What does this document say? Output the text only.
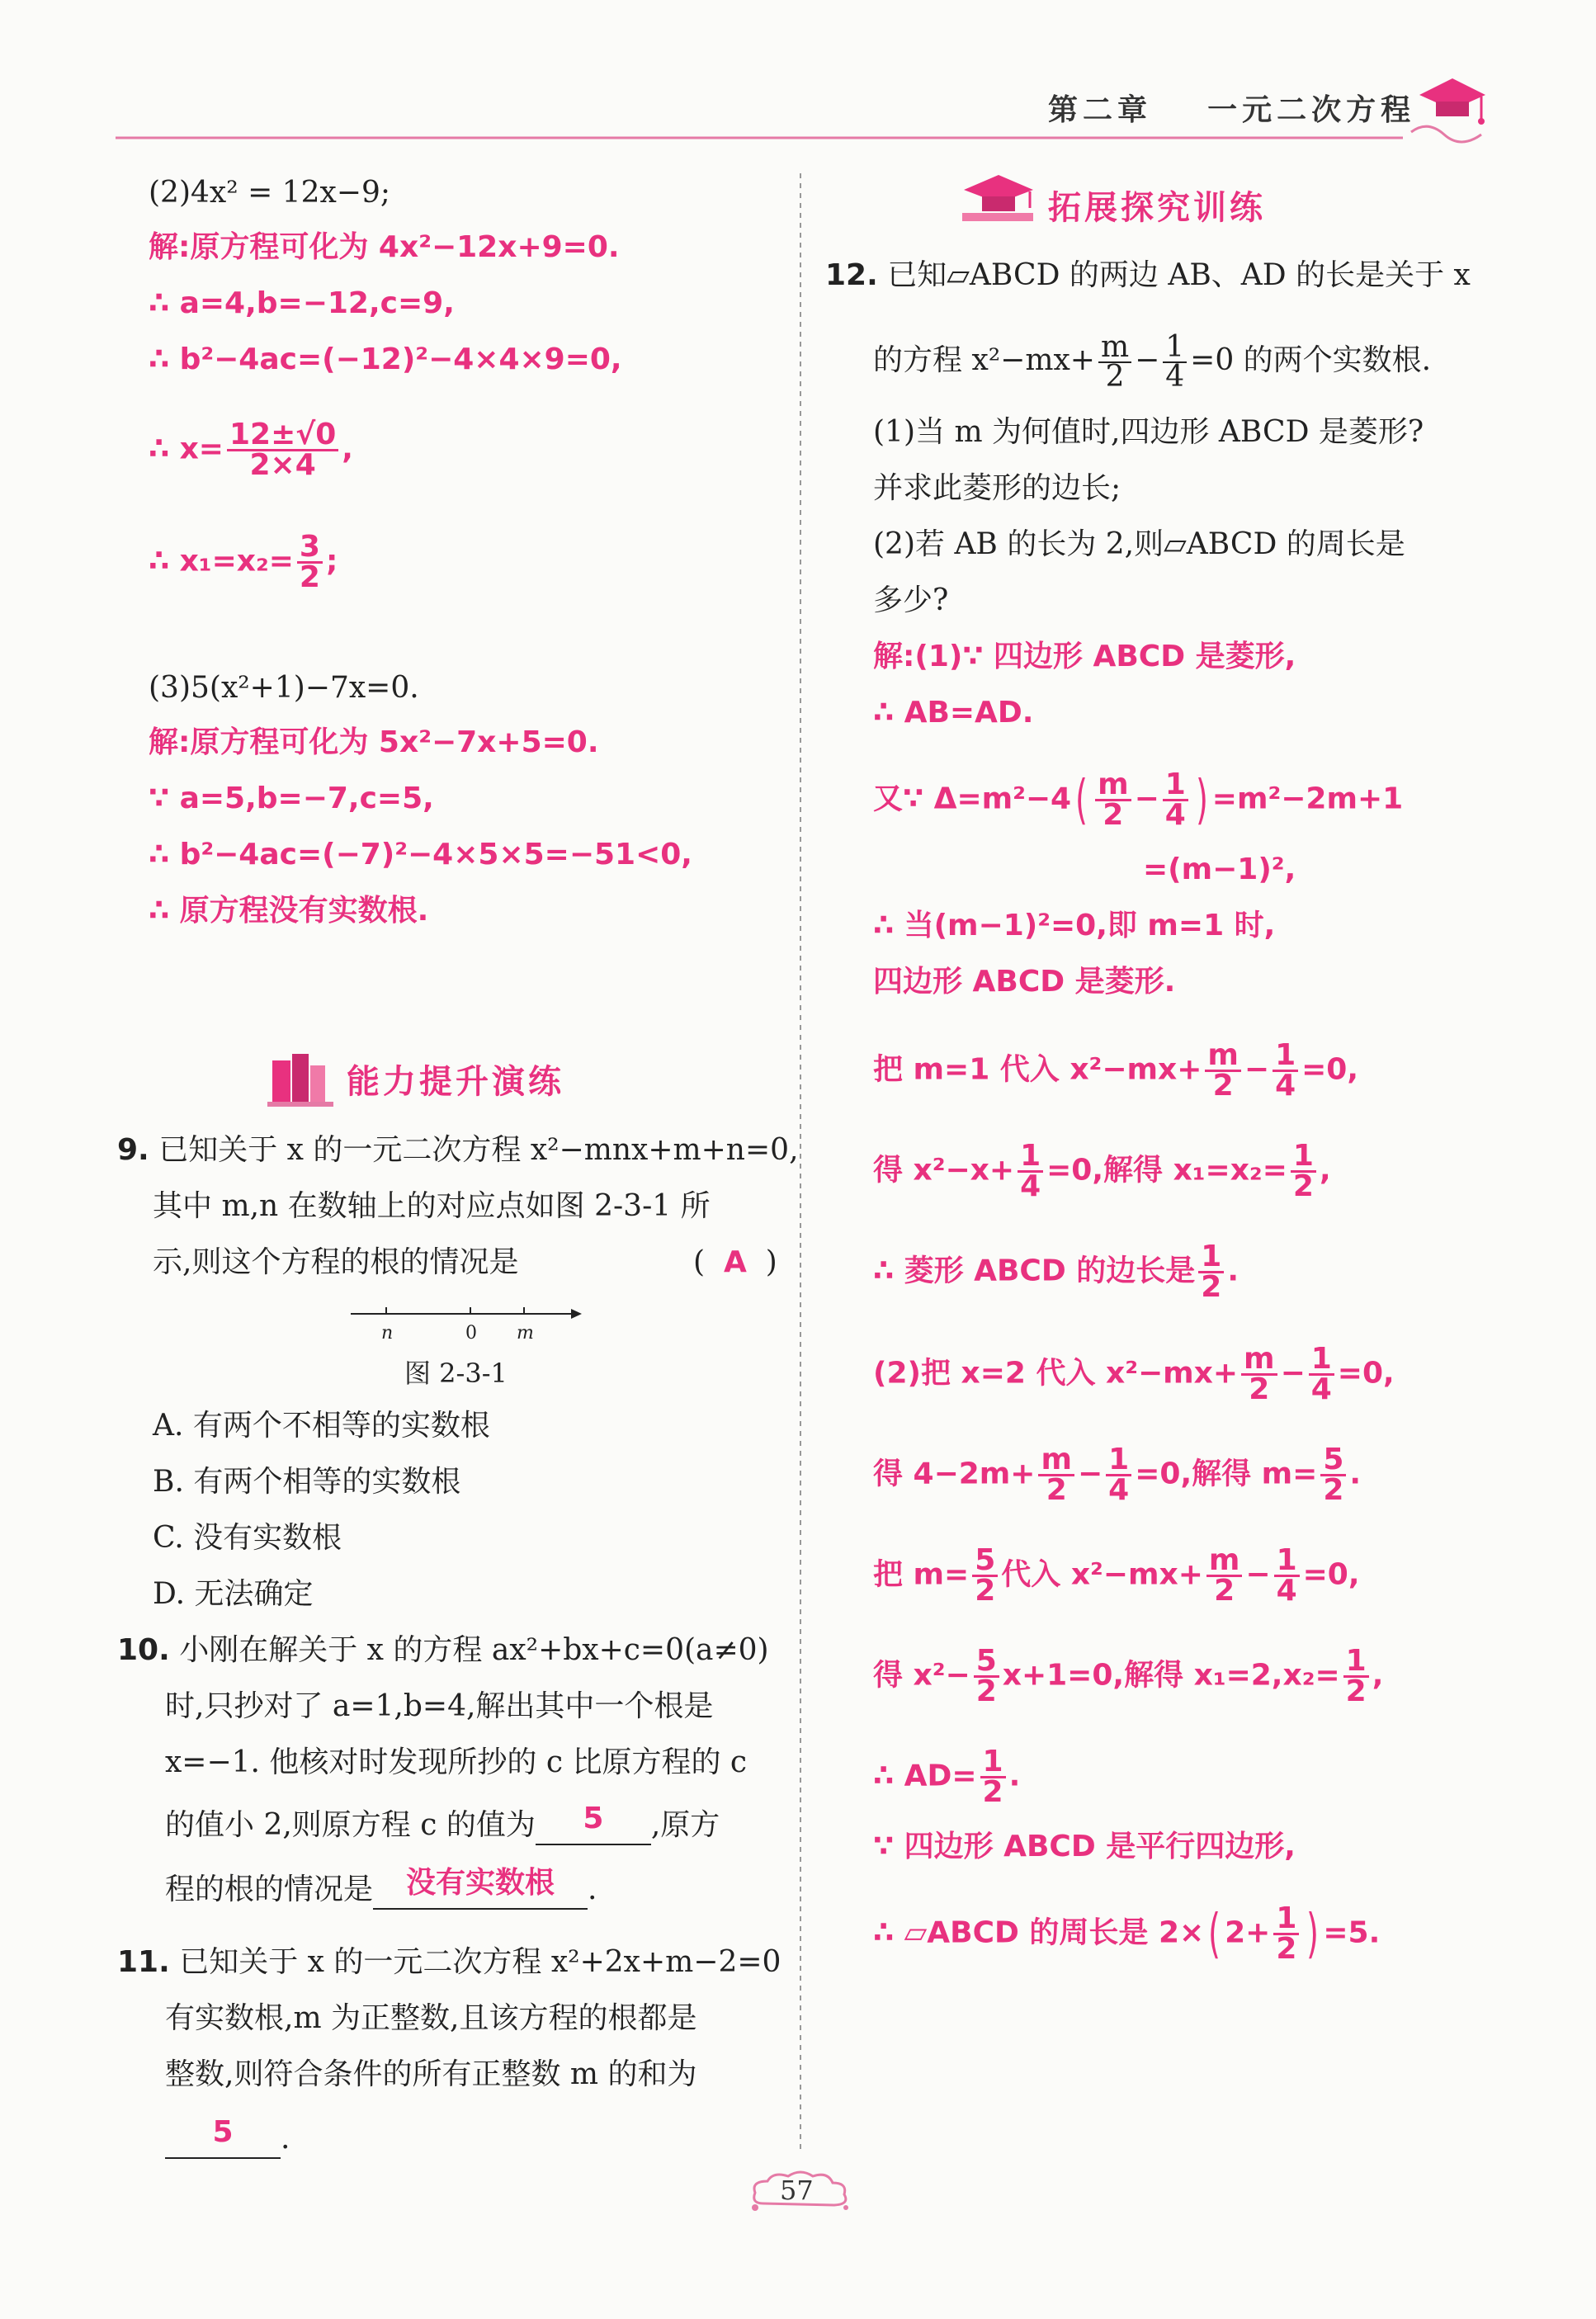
第二章 一元二次方程
(2)4x² = 12x−9;
解:原方程可化为 4x²−12x+9=0.
∴ a=4,b=−12,c=9,
∴ b²−4ac=(−12)²−4×4×9=0,
∴ $x= \frac{12\pm√0}{2\times 4}$ ,
∴ $x_1=x_2= \frac{3}{2}$ ;
(3)5(x²+1)−7x=0.
解:原方程可化为 5x²−7x+5=0.
∵ a=5,b=−7,c=5,
∴ b²−4ac=(−7)²−4×5×5=−51<0,
∴ 原方程没有实数根.
能力提升演练
9. 已知关于 x 的一元二次方程 x²−mnx+m+n=0,
其中 m,n 在数轴上的对应点如图 2-3-1 所
示,则这个方程的根的情况是	(  A  )
n	0 m
图 2-3-1
A. 有两个不相等的实数根
B. 有两个相等的实数根
C. 没有实数根
D. 无法确定
10. 小刚在解关于 x 的方程 ax²+bx+c=0(a≠0)
时,只抄对了 a=1,b=4,解出其中一个根是
x=−1. 他核对时发现所抄的 c 比原方程的 c
的值小 2,则原方程 c 的值为 5 ,原方
程的根的情况是 没有实数根 .
11. 已知关于 x 的一元二次方程 x²+2x+m−2=0
有实数根,m 为正整数,且该方程的根都是
整数,则符合条件的所有正整数 m 的和为
5 .
拓展探究训练
12. 已知▱ABCD 的两边 AB、AD 的长是关于 x
的方程 $x^2-mx+ \frac{m}{2} - \frac{1}{4} =0$ 的两个实数根.
(1)当 m 为何值时,四边形 ABCD 是菱形?
并求此菱形的边长;
(2)若 AB 的长为 2,则▱ABCD 的周长是
多少?
解:(1)∵ 四边形 ABCD 是菱形,
∴ AB=AD.
又∵ $\Delta=m^2-4( \frac{m}{2} - \frac{1}{4}$ ) =m²−2m+1
=(m−1)²,
∴ 当(m−1)²=0,即 m=1 时,
四边形 ABCD 是菱形.
把 m=1 代入 $x^2-mx+ \frac{m}{2} - \frac{1}{4} =0$,
得 $x^2-x+ \frac{1}{4} =0$,解得 $x_1=x_2= \frac{1}{2}$ ,
∴ 菱形 ABCD 的边长是 $\frac{1}{2}$ .
(2)把 x=2 代入 $x^2-mx+ \frac{m}{2} - \frac{1}{4} =0$,
得 $4-2m+ \frac{m}{2} - \frac{1}{4} =0$,解得 $m= \frac{5}{2}$ .
把 $m= \frac{5}{2}$ 代入 $x^2-mx+ \frac{m}{2} - \frac{1}{4} =0$,
得 $x^2- \frac{5}{2} x+1=0$,解得 $x_1=2,x_2= \frac{1}{2}$ ,
∴ $AD= \frac{1}{2}$ .
∵ 四边形 ABCD 是平行四边形,
∴ ▱ABCD 的周长是 2×( $2+ \frac{1}{2}$ ) =5.
57
